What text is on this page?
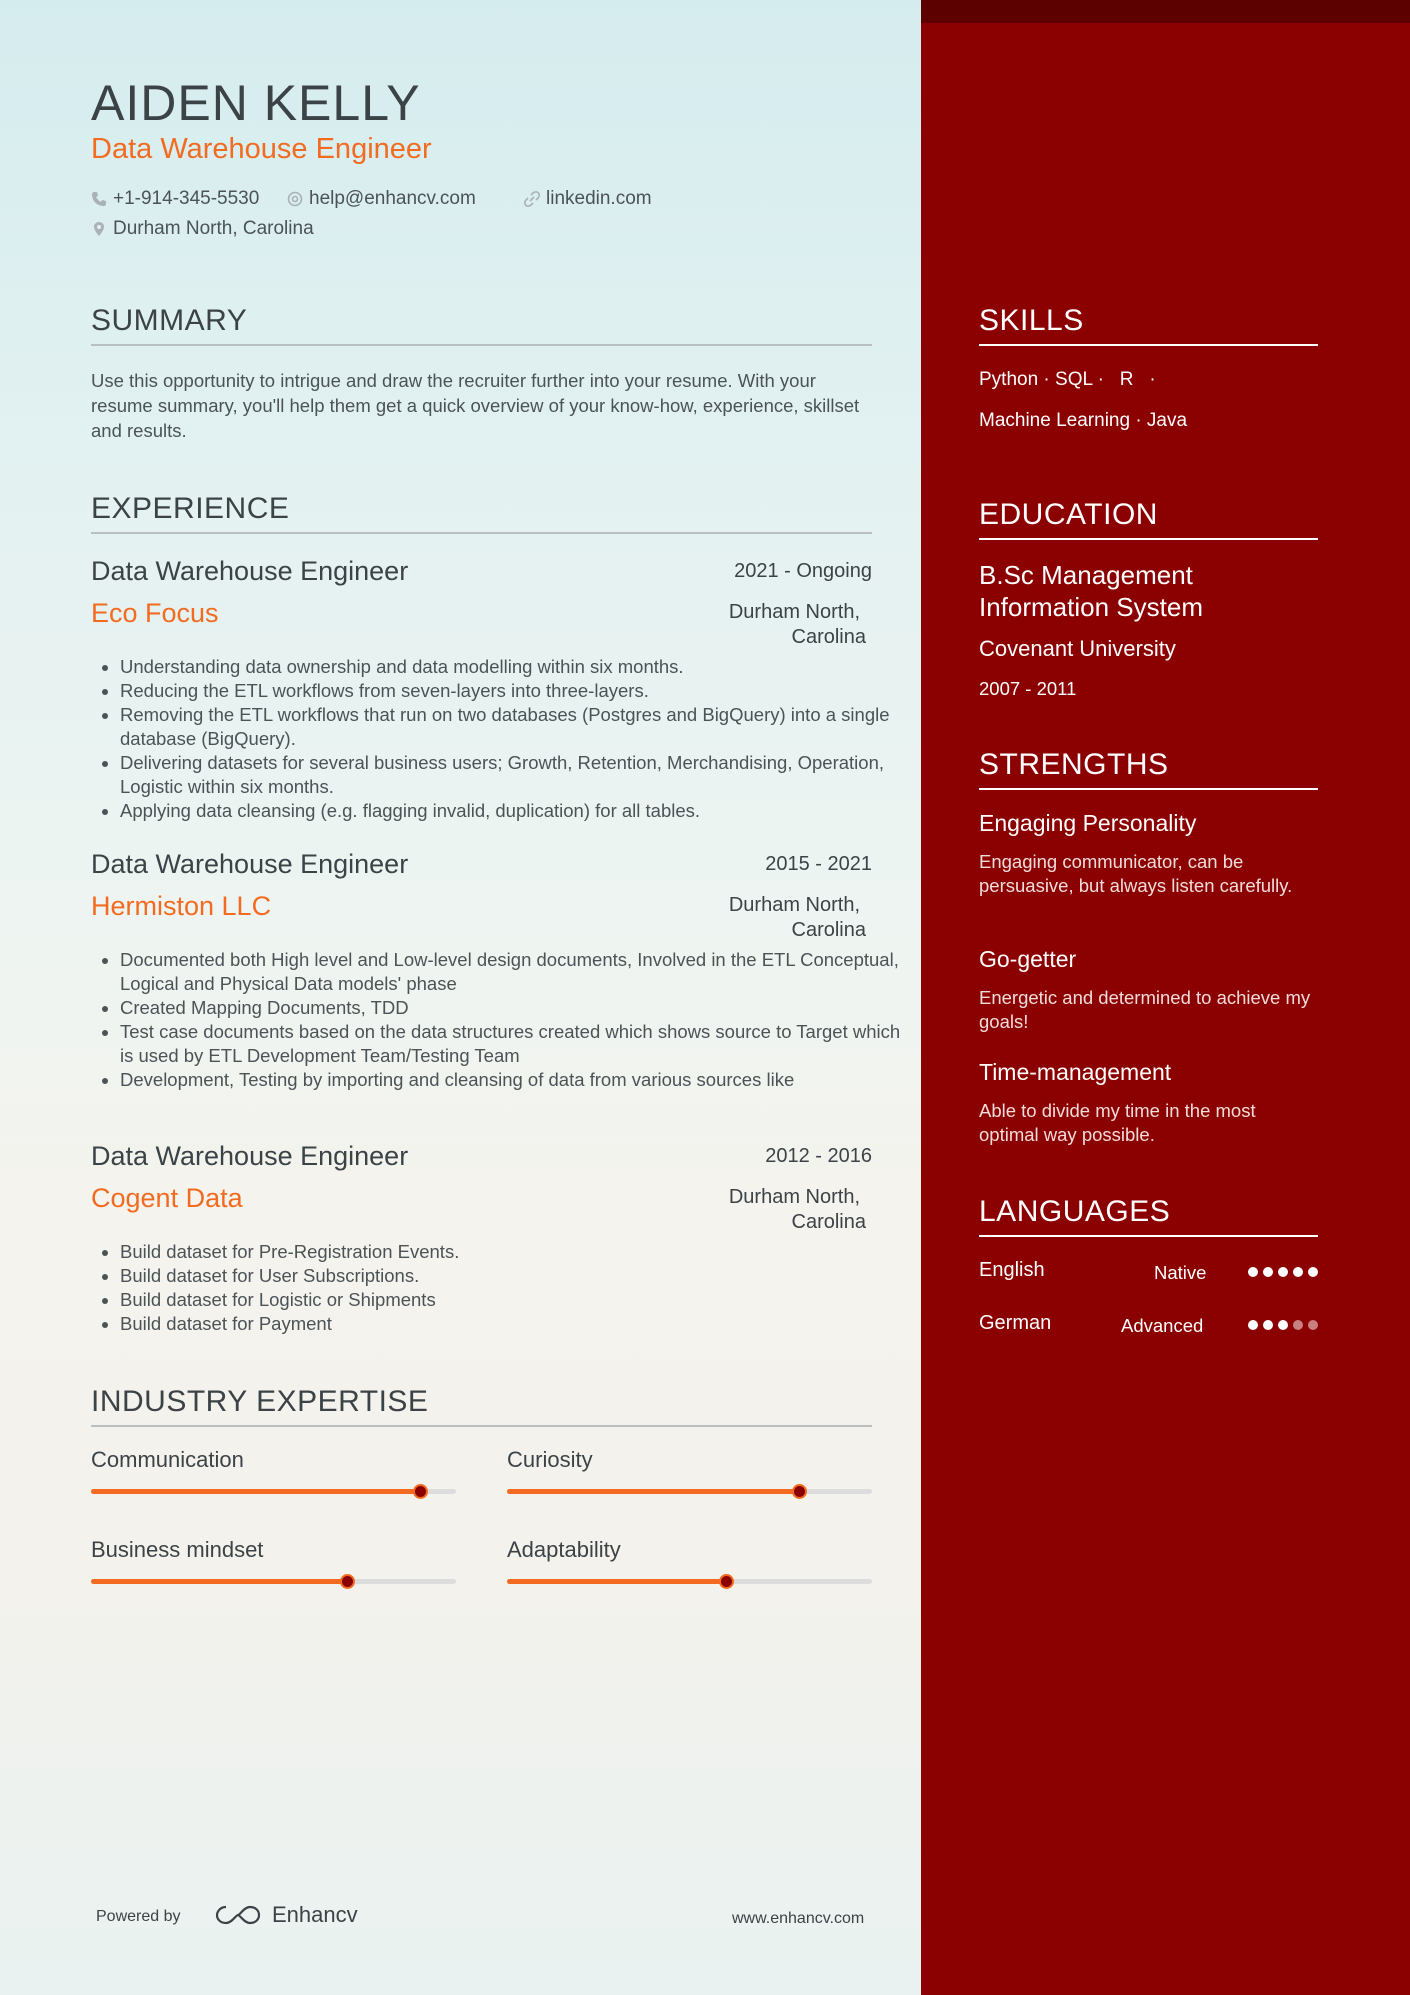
AIDEN KELLY
Data Warehouse Engineer
+1-914-345-5530	help@enhancv.com	linkedin.com
Durham North, Carolina
SUMMARY

Use this opportunity to intrigue and draw the recruiter further into your resume. With your resume summary, you'll help them get a quick overview of your know-how, experience, skillset and results.

EXPERIENCE
Data Warehouse Engineer	2021 - Ongoing
Eco Focus	Durham North,
Carolina
• Understanding data ownership and data modelling within six months.
• Reducing the ETL workflows from seven-layers into three-layers.
• Removing the ETL workflows that run on two databases (Postgres and BigQuery) into a single database (BigQuery).
• Delivering datasets for several business users; Growth, Retention, Merchandising, Operation, Logistic within six months.
• Applying data cleansing (e.g. flagging invalid, duplication) for all tables.
Data Warehouse Engineer	2015 - 2021
Hermiston LLC	Durham North,
Carolina
• Documented both High level and Low-level design documents, Involved in the ETL Conceptual, Logical and Physical Data models' phase
• Created Mapping Documents, TDD
• Test case documents based on the data structures created which shows source to Target which is used by ETL Development Team/Testing Team
• Development, Testing by importing and cleansing of data from various sources like
Data Warehouse Engineer	2012 - 2016
Cogent Data	Durham North,
Carolina
• Build dataset for Pre-Registration Events.
• Build dataset for User Subscriptions.
• Build dataset for Logistic or Shipments
• Build dataset for Payment
INDUSTRY EXPERTISE
Communication	Curiosity
Business mindset	Adaptability
Powered by	Enhancv	www.enhancv.com
SKILLS
Python · SQL ·   R   ·
Machine Learning · Java
EDUCATION
B.Sc Management
Information System
Covenant University
2007 - 2011
STRENGTHS
Engaging Personality

Engaging communicator, can be persuasive, but always listen carefully.

Go-getter

Energetic and determined to achieve my goals!

Time-management

Able to divide my time in the most optimal way possible.

LANGUAGES
English	Native
German	Advanced
